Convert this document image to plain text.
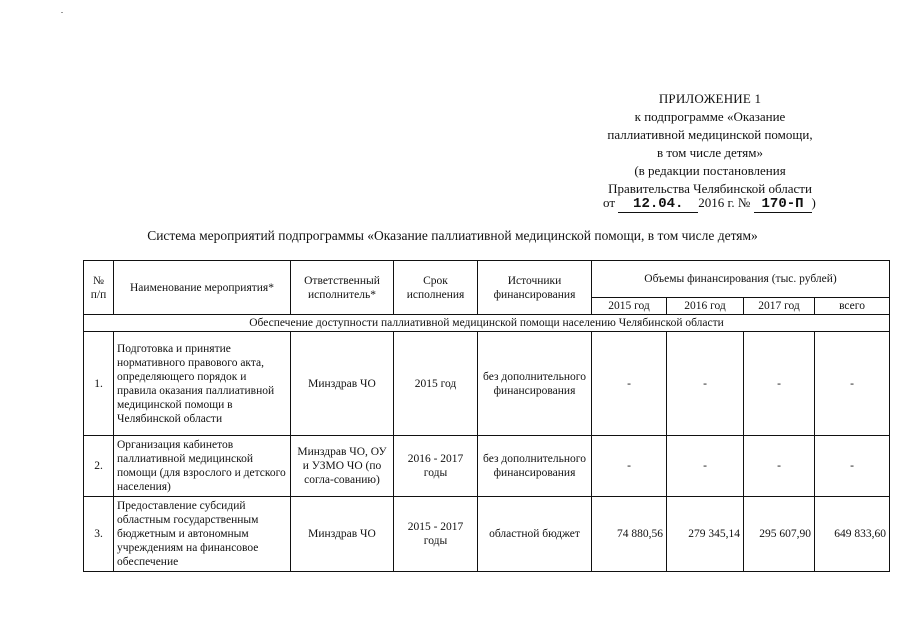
ПРИЛОЖЕНИЕ 1
к подпрограмме «Оказание
паллиативной медицинской помощи,
в том числе детям»
(в редакции постановления
Правительства Челябинской области
от 12.04. 2016 г. № 170-П )
Система мероприятий подпрограммы «Оказание паллиативной медицинской помощи, в том числе детям»
№ п/п	Наименование мероприятия*	Ответственный исполнитель*	Срок исполнения	Источники финансирования	Объемы финансирования (тыс. рублей)			
					2015 год	2016 год	2017 год	всего
Обеспечение доступности паллиативной медицинской помощи населению Челябинской области								
1.	Подготовка и принятие нормативного правового акта, определяющего порядок и правила оказания паллиативной медицинской помощи в Челябинской области	Минздрав ЧО	2015 год	без дополнительного финансирования	-	-	-	-
2.	Организация кабинетов паллиативной медицинской помощи (для взрослого и детского населения)	Минздрав ЧО, ОУ и УЗМО ЧО (по согла-сованию)	2016 - 2017 годы	без дополнительного финансирования	-	-	-	-
3.	Предоставление субсидий областным государственным бюджетным и автономным учреждениям на финансовое обеспечение	Минздрав ЧО	2015 - 2017 годы	областной бюджет	74 880,56	279 345,14	295 607,90	649 833,60
